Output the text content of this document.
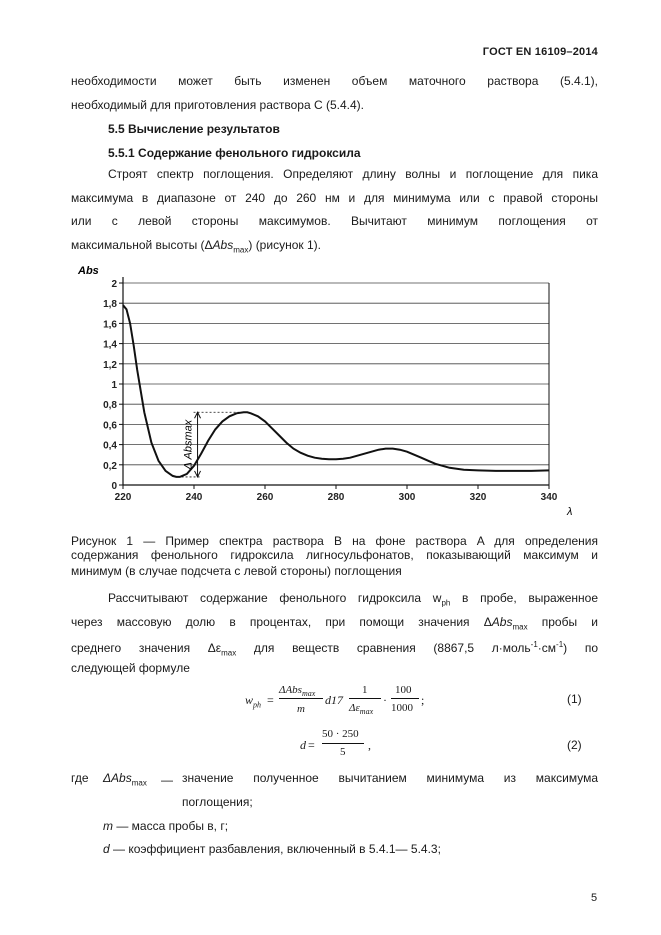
ГОСТ EN 16109–2014
необходимости может быть изменен объем маточного раствора (5.4.1),
необходимый для приготовления раствора С (5.4.4).
5.5 Вычисление результатов
5.5.1 Содержание фенольного гидроксила
Строят спектр поглощения. Определяют длину волны и поглощение для пика
максимума в диапазоне от 240 до 260 нм и для минимума или с правой стороны
или с левой стороны максимумов. Вычитают минимум поглощения от
максимальной высоты (ΔAbs$_{max}$) (рисунок 1).
0
0,2
0,4
0,6
0,8
1
1,2
1,4
1,6
1,8
2
220	240	260	280	300	320	340
Δ Absmax
Abs
λ
Рисунок 1 — Пример спектра раствора B на фоне раствора A для определения
содержания фенольного гидроксила лигносульфонатов, показывающий максимум и
минимум (в случае подсчета с левой стороны) поглощения
Рассчитывают содержание фенольного гидроксила $w_{ph}$ в пробе, выраженное
через массовую долю в процентах, при помощи значения ΔAbs$_{max}$ пробы и
среднего значения $\Delta\varepsilon_{max}$ для веществ сравнения (8867,5 $л\cdot моль^{-1}\cdot см^{-1}$) по
следующей формуле
$w_{ph}$ =
ΔAbs$_{max}$
m
d17
1
$\Delta\varepsilon_{max}$
·
100
1000
;	(1)
d =
50 · 250
5 ,	(2)
где ΔAbs$_{max}$ — значение полученное вычитанием минимума из максимума
поглощения;
m — масса пробы в, г;
d — коэффициент разбавления, включенный в 5.4.1— 5.4.3;
5
